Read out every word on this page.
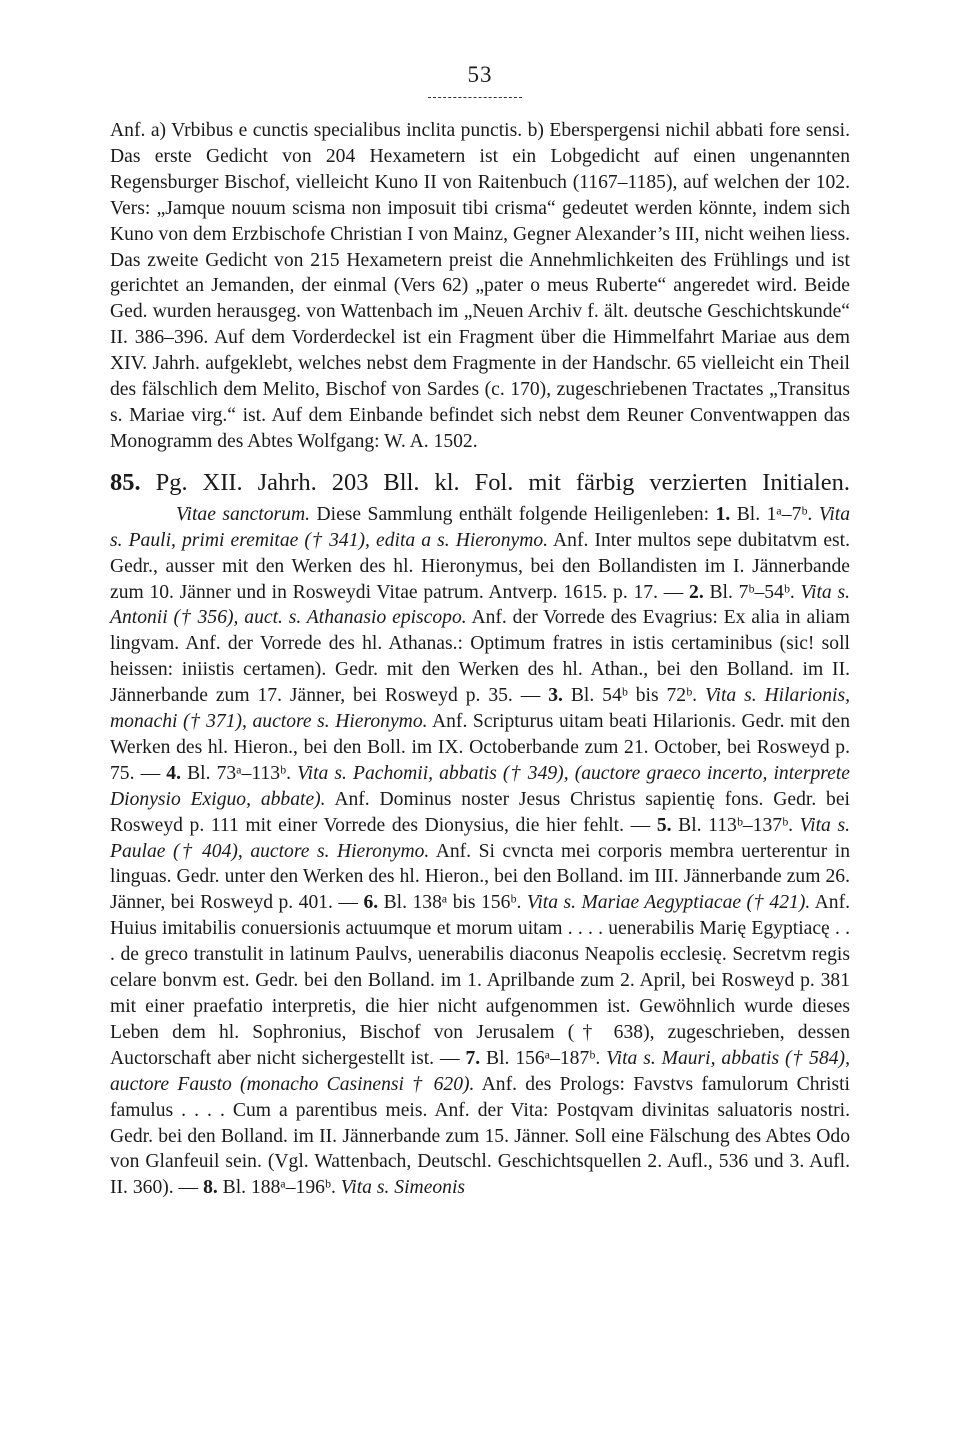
53

Anf. a) Vrbibus e cunctis specialibus inclita punctis. b) Eberspergensi nichil abbati fore sensi. Das erste Gedicht von 204 Hexametern ist ein Lobgedicht auf einen ungenannten Regensburger Bischof, vielleicht Kuno II von Raitenbuch (1167–1185), auf welchen der 102. Vers: „Jamque nouum scisma non imposuit tibi crisma“ gedeutet werden könnte, indem sich Kuno von dem Erzbischofe Christian I von Mainz, Gegner Alexander’s III, nicht weihen liess. Das zweite Gedicht von 215 Hexametern preist die Annehmlichkeiten des Frühlings und ist gerichtet an Jemanden, der einmal (Vers 62) „pater o meus Ruberte“ angeredet wird. Beide Ged. wurden herausgeg. von Wattenbach im „Neuen Archiv f. ält. deutsche Geschichtskunde“ II. 386–396. Auf dem Vorderdeckel ist ein Fragment über die Himmelfahrt Mariae aus dem XIV. Jahrh. aufgeklebt, welches nebst dem Fragmente in der Handschr. 65 vielleicht ein Theil des fälschlich dem Melito, Bischof von Sardes (c. 170), zugeschriebenen Tractates „Transitus s. Mariae virg.“ ist. Auf dem Einbande befindet sich nebst dem Reuner Conventwappen das Monogramm des Abtes Wolfgang: W. A. 1502.

85. Pg. XII. Jahrh. 203 Bll. kl. Fol. mit färbig verzierten Initialen.

Vitae sanctorum. Diese Sammlung enthält folgende Heiligenleben: 1. Bl. 1ᵃ–7ᵇ. Vita s. Pauli, primi eremitae († 341), edita a s. Hieronymo. Anf. Inter multos sepe dubitatvm est. Gedr., ausser mit den Werken des hl. Hieronymus, bei den Bollandisten im I. Jännerbande zum 10. Jänner und in Rosweydi Vitae patrum. Antverp. 1615. p. 17. — 2. Bl. 7ᵇ–54ᵇ. Vita s. Antonii († 356), auct. s. Athanasio episcopo. Anf. der Vorrede des Evagrius: Ex alia in aliam lingvam. Anf. der Vorrede des hl. Athanas.: Optimum fratres in istis certaminibus (sic! soll heissen: iniistis certamen). Gedr. mit den Werken des hl. Athan., bei den Bolland. im II. Jännerbande zum 17. Jänner, bei Rosweyd p. 35. — 3. Bl. 54ᵇ bis 72ᵇ. Vita s. Hilarionis, monachi († 371), auctore s. Hieronymo. Anf. Scripturus uitam beati Hilarionis. Gedr. mit den Werken des hl. Hieron., bei den Boll. im IX. Octoberbande zum 21. October, bei Rosweyd p. 75. — 4. Bl. 73ᵃ–113ᵇ. Vita s. Pachomii, abbatis († 349), (auctore graeco incerto, interprete Dionysio Exiguo, abbate). Anf. Dominus noster Jesus Christus sapientię fons. Gedr. bei Rosweyd p. 111 mit einer Vorrede des Dionysius, die hier fehlt. — 5. Bl. 113ᵇ–137ᵇ. Vita s. Paulae († 404), auctore s. Hieronymo. Anf. Si cvncta mei corporis membra uerterentur in linguas. Gedr. unter den Werken des hl. Hieron., bei den Bolland. im III. Jännerbande zum 26. Jänner, bei Rosweyd p. 401. — 6. Bl. 138ᵃ bis 156ᵇ. Vita s. Mariae Aegyptiacae († 421). Anf. Huius imitabilis conuersionis actuumque et morum uitam . . . . uenerabilis Marię Egyptiacę . . . de greco transtulit in latinum Paulvs, uenerabilis diaconus Neapolis ecclesię. Secretvm regis celare bonvm est. Gedr. bei den Bolland. im 1. Aprilbande zum 2. April, bei Rosweyd p. 381 mit einer praefatio interpretis, die hier nicht aufgenommen ist. Gewöhnlich wurde dieses Leben dem hl. Sophronius, Bischof von Jerusalem († 638), zugeschrieben, dessen Auctorschaft aber nicht sichergestellt ist. — 7. Bl. 156ᵃ–187ᵇ. Vita s. Mauri, abbatis († 584), auctore Fausto (monacho Casinensi † 620). Anf. des Prologs: Favstvs famulorum Christi famulus . . . . Cum a parentibus meis. Anf. der Vita: Postqvam divinitas saluatoris nostri. Gedr. bei den Bolland. im II. Jännerbande zum 15. Jänner. Soll eine Fälschung des Abtes Odo von Glanfeuil sein. (Vgl. Wattenbach, Deutschl. Geschichtsquellen 2. Aufl., 536 und 3. Aufl. II. 360). — 8. Bl. 188ᵃ–196ᵇ. Vita s. Simeonis
